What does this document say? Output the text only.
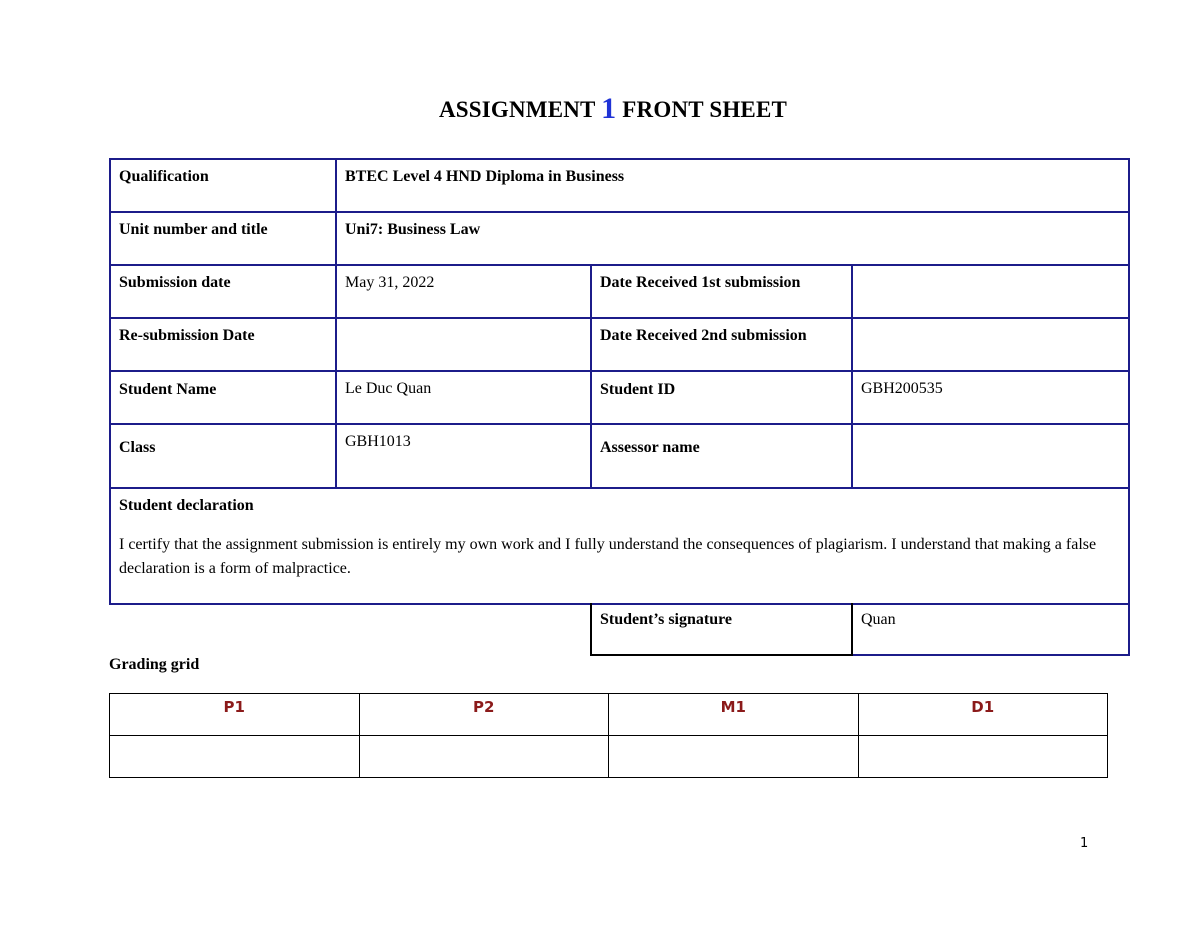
ASSIGNMENT 1 FRONT SHEET
Qualification	BTEC Level 4 HND Diploma in Business		
Unit number and title	Uni7: Business Law		
Submission date	May 31, 2022	Date Received 1st submission	
Re-submission Date		Date Received 2nd submission	
Student Name	Le Duc Quan	Student ID	GBH200535
Class	GBH1013	Assessor name	

Student declaration

I certify that the assignment submission is entirely my own work and I fully understand the consequences of plagiarism. I understand that making a false declaration is a form of malpractice.			

Student’s signature	Quan
Grading grid
P1	P2	M1	D1

1
